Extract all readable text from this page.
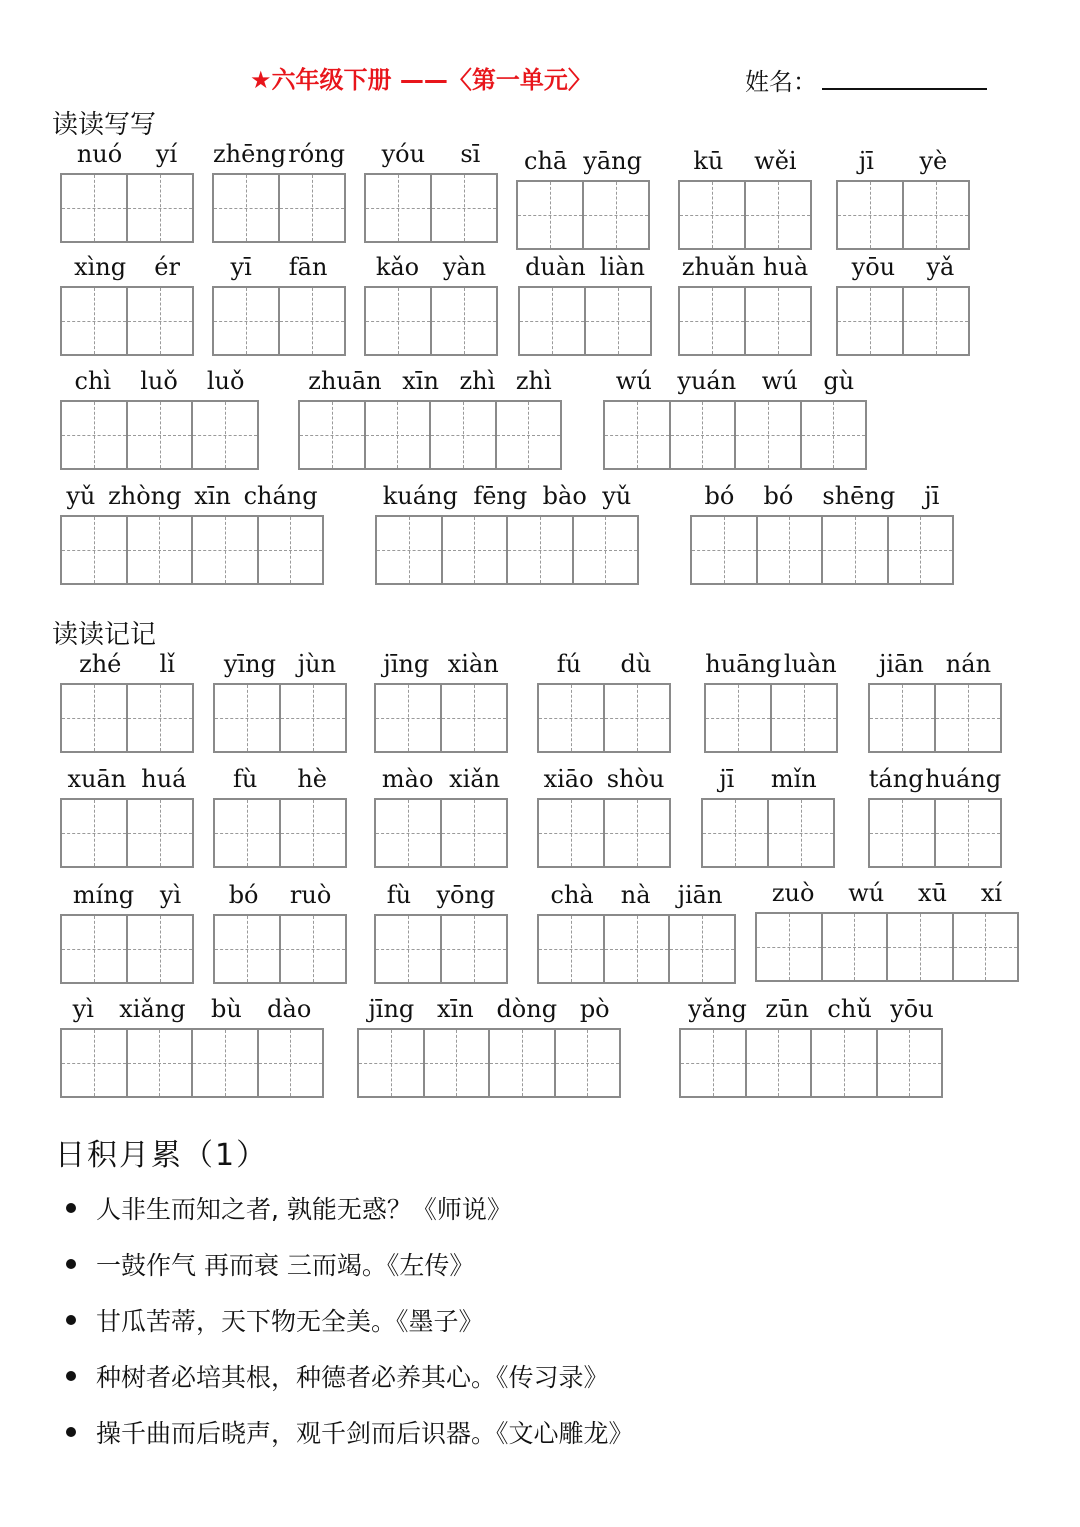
★六年级下册 ——〈第一单元〉	姓名：
读读写写
读读记记
nuó yí zhēng róng yóu sī chā yāng kū wěi	jī yè
xìng ér yī fān kǎo yàn duàn liàn zhuǎn huà yōu yǎ
chì luǒ luǒ	zhuān xīn zhì zhì	wú yuán wú gù
yǔ zhòng xīn cháng	kuáng fēng bào yǔ	bó bó shēng jī
zhé lǐ yīng jùn jīng xiàn fú dù huāng luàn jiān nán
xuān huá fù hè mào xiǎn xiāo shòu jī mǐn táng huáng
míng yì bó ruò fù yōng chà nà jiān zuò wú xū xí
yì xiǎng bù dào jīng xīn dòng pò	yǎng zūn chǔ yōu
日积月累（1）
人非生而知之者, 孰能无惑？《师说》
一鼓作气 再而衰 三而竭。《左传》
甘瓜苦蒂，天下物无全美。《墨子》
种树者必培其根，种德者必养其心。《传习录》
操千曲而后晓声，观千剑而后识器。《文心雕龙》
